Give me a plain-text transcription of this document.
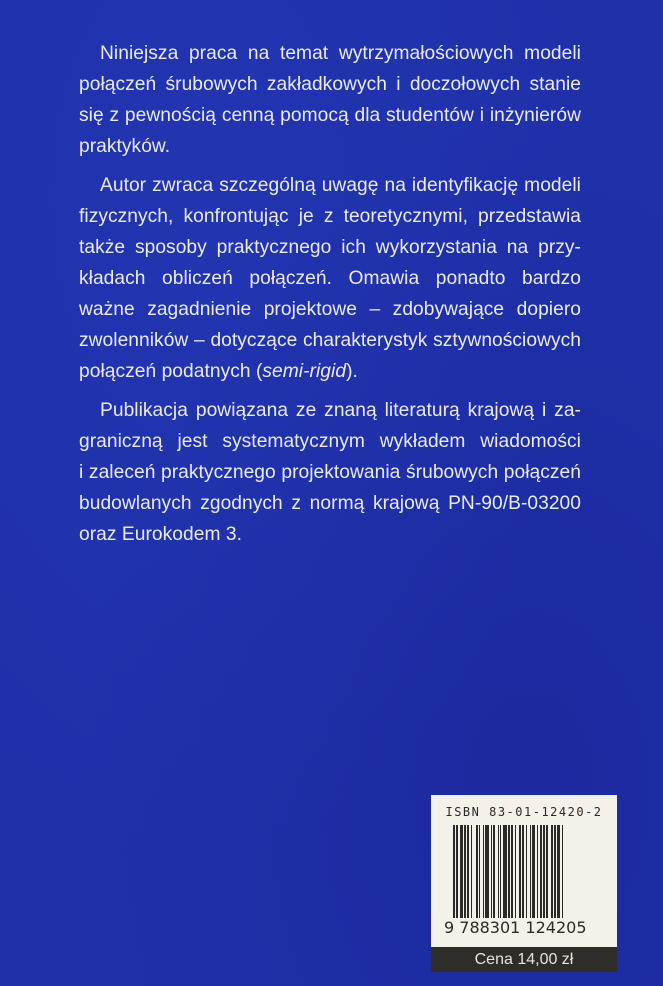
Niniejsza praca na temat wytrzymałościowych modeli
połączeń śrubowych zakładkowych i doczołowych stanie
się z pewnością cenną pomocą dla studentów i inżynierów
praktyków.

Autor zwraca szczególną uwagę na identyfikację modeli
fizycznych, konfrontując je z teoretycznymi, przedstawia
także sposoby praktycznego ich wykorzystania na przy-
kładach obliczeń połączeń. Omawia ponadto bardzo
ważne zagadnienie projektowe – zdobywające dopiero
zwolenników – dotyczące charakterystyk sztywnościowych
połączeń podatnych (semi-rigid).

Publikacja powiązana ze znaną literaturą krajową i za-
graniczną jest systematycznym wykładem wiadomości
i zaleceń praktycznego projektowania śrubowych połączeń
budowlanych zgodnych z normą krajową PN-90/B-03200
oraz Eurokodem 3.

ISBN 83-01-12420-2
9 788301 124205
Cena 14,00 zł
